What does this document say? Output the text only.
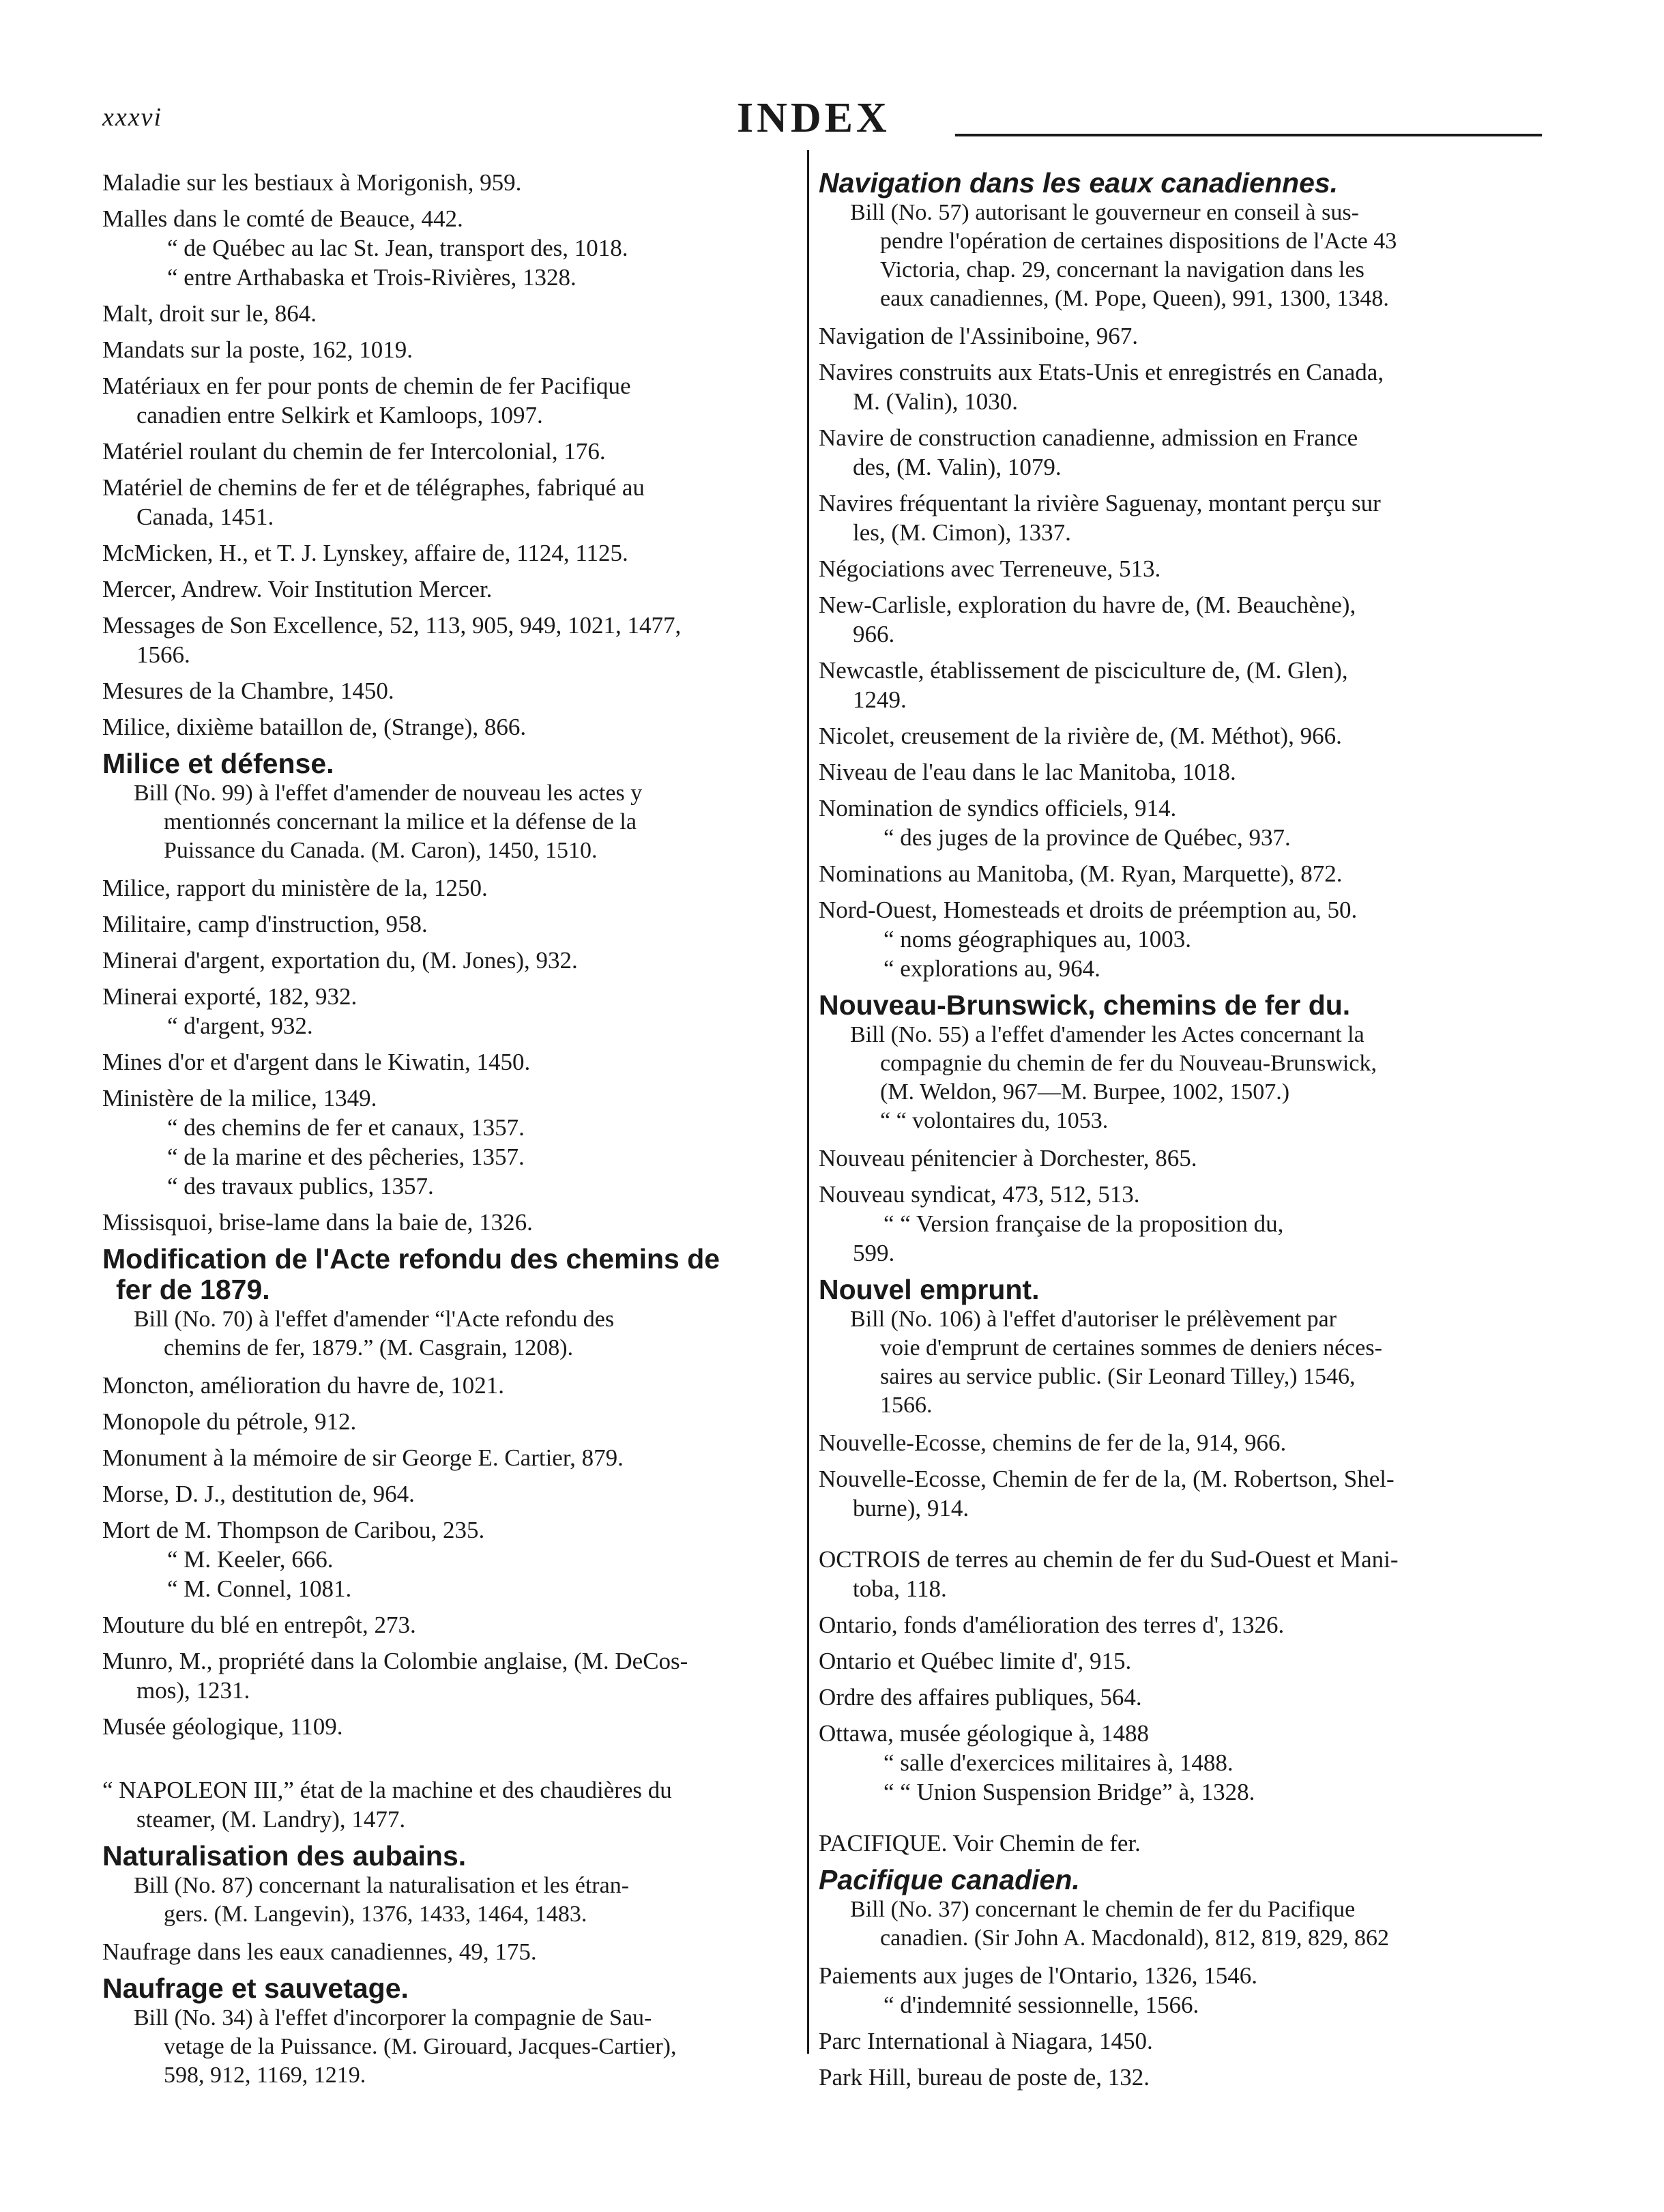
xxxvi	INDEX
Maladie sur les bestiaux à Morigonish, 959.
Malles dans le comté de Beauce, 442.
“ de Québec au lac St. Jean, transport des, 1018.
“ entre Arthabaska et Trois-Rivières, 1328.
Malt, droit sur le, 864.
Mandats sur la poste, 162, 1019.
Matériaux en fer pour ponts de chemin de fer Pacifique
canadien entre Selkirk et Kamloops, 1097.
Matériel roulant du chemin de fer Intercolonial, 176.
Matériel de chemins de fer et de télégraphes, fabriqué au
Canada, 1451.
McMicken, H., et T. J. Lynskey, affaire de, 1124, 1125.
Mercer, Andrew. Voir Institution Mercer.
Messages de Son Excellence, 52, 113, 905, 949, 1021, 1477,
1566.
Mesures de la Chambre, 1450.
Milice, dixième bataillon de, (Strange), 866.
Milice et défense.
Bill (No. 99) à l'effet d'amender de nouveau les actes y
mentionnés concernant la milice et la défense de la
Puissance du Canada. (M. Caron), 1450, 1510.
Milice, rapport du ministère de la, 1250.
Militaire, camp d'instruction, 958.
Minerai d'argent, exportation du, (M. Jones), 932.
Minerai exporté, 182, 932.
“ d'argent, 932.
Mines d'or et d'argent dans le Kiwatin, 1450.
Ministère de la milice, 1349.
“ des chemins de fer et canaux, 1357.
“ de la marine et des pêcheries, 1357.
“ des travaux publics, 1357.
Missisquoi, brise-lame dans la baie de, 1326.
Modification de l'Acte refondu des chemins de
fer de 1879.
Bill (No. 70) à l'effet d'amender “l'Acte refondu des
chemins de fer, 1879.” (M. Casgrain, 1208).
Moncton, amélioration du havre de, 1021.
Monopole du pétrole, 912.
Monument à la mémoire de sir George E. Cartier, 879.
Morse, D. J., destitution de, 964.
Mort de M. Thompson de Caribou, 235.
“ M. Keeler, 666.
“ M. Connel, 1081.
Mouture du blé en entrepôt, 273.
Munro, M., propriété dans la Colombie anglaise, (M. DeCos-
mos), 1231.
Musée géologique, 1109.
“ NAPOLEON III,” état de la machine et des chaudières du
steamer, (M. Landry), 1477.
Naturalisation des aubains.
Bill (No. 87) concernant la naturalisation et les étran-
gers. (M. Langevin), 1376, 1433, 1464, 1483.
Naufrage dans les eaux canadiennes, 49, 175.
Naufrage et sauvetage.
Bill (No. 34) à l'effet d'incorporer la compagnie de Sau-
vetage de la Puissance. (M. Girouard, Jacques-Cartier),
598, 912, 1169, 1219.
Navigation dans les eaux canadiennes.
Bill (No. 57) autorisant le gouverneur en conseil à sus-
pendre l'opération de certaines dispositions de l'Acte 43
Victoria, chap. 29, concernant la navigation dans les
eaux canadiennes, (M. Pope, Queen), 991, 1300, 1348.
Navigation de l'Assiniboine, 967.
Navires construits aux Etats-Unis et enregistrés en Canada,
M. (Valin), 1030.
Navire de construction canadienne, admission en France
des, (M. Valin), 1079.
Navires fréquentant la rivière Saguenay, montant perçu sur
les, (M. Cimon), 1337.
Négociations avec Terreneuve, 513.
New-Carlisle, exploration du havre de, (M. Beauchène),
966.
Newcastle, établissement de pisciculture de, (M. Glen),
1249.
Nicolet, creusement de la rivière de, (M. Méthot), 966.
Niveau de l'eau dans le lac Manitoba, 1018.
Nomination de syndics officiels, 914.
“ des juges de la province de Québec, 937.
Nominations au Manitoba, (M. Ryan, Marquette), 872.
Nord-Ouest, Homesteads et droits de préemption au, 50.
“ noms géographiques au, 1003.
“ explorations au, 964.
Nouveau-Brunswick, chemins de fer du.
Bill (No. 55) a l'effet d'amender les Actes concernant la
compagnie du chemin de fer du Nouveau-Brunswick,
(M. Weldon, 967—M. Burpee, 1002, 1507.)
“ “ volontaires du, 1053.
Nouveau pénitencier à Dorchester, 865.
Nouveau syndicat, 473, 512, 513.
“ “ Version française de la proposition du,
599.
Nouvel emprunt.
Bill (No. 106) à l'effet d'autoriser le prélèvement par
voie d'emprunt de certaines sommes de deniers néces-
saires au service public. (Sir Leonard Tilley,) 1546,
1566.
Nouvelle-Ecosse, chemins de fer de la, 914, 966.
Nouvelle-Ecosse, Chemin de fer de la, (M. Robertson, Shel-
burne), 914.
OCTROIS de terres au chemin de fer du Sud-Ouest et Mani-
toba, 118.
Ontario, fonds d'amélioration des terres d', 1326.
Ontario et Québec limite d', 915.
Ordre des affaires publiques, 564.
Ottawa, musée géologique à, 1488
“ salle d'exercices militaires à, 1488.
“ “ Union Suspension Bridge” à, 1328.
PACIFIQUE. Voir Chemin de fer.
Pacifique canadien.
Bill (No. 37) concernant le chemin de fer du Pacifique
canadien. (Sir John A. Macdonald), 812, 819, 829, 862
Paiements aux juges de l'Ontario, 1326, 1546.
“ d'indemnité sessionnelle, 1566.
Parc International à Niagara, 1450.
Park Hill, bureau de poste de, 132.
